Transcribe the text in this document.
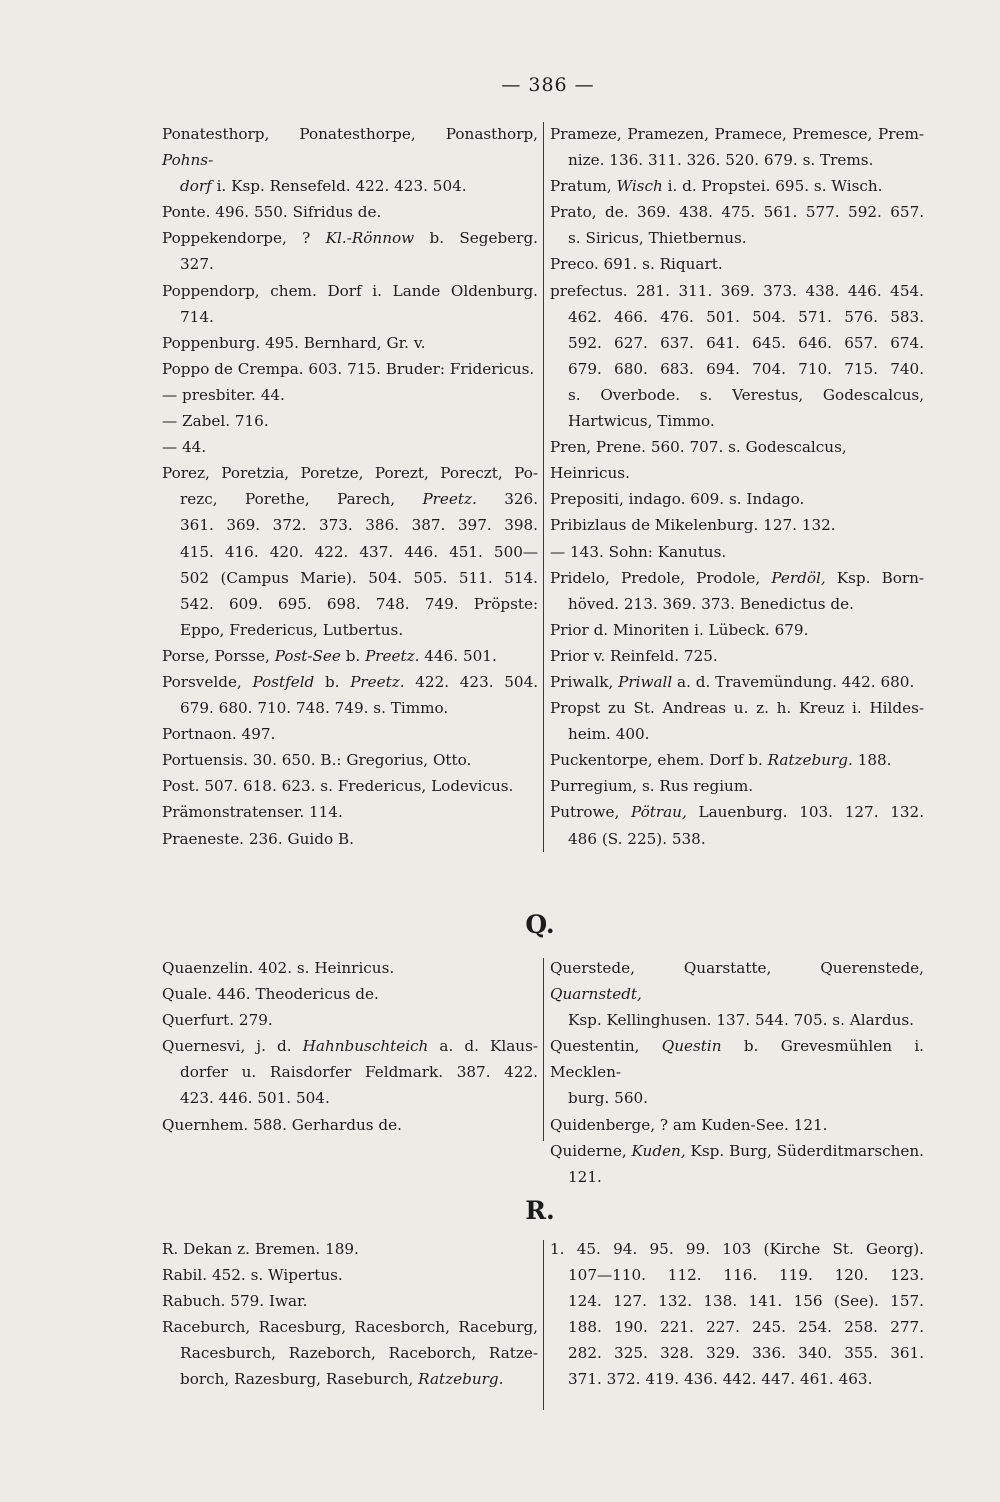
— 386 —
Ponatesthorp, Ponatesthorpe, Ponasthorp, Pohns-
dorf i. Ksp. Rensefeld. 422. 423. 504.
Ponte. 496. 550. Sifridus de.
Poppekendorpe, ? Kl.-Rönnow b. Segeberg.
327.
Poppendorp, chem. Dorf i. Lande Oldenburg.
714.
Poppenburg. 495. Bernhard, Gr. v.
Poppo de Crempa. 603. 715. Bruder: Fridericus.
— presbiter. 44.
— Zabel. 716.
— 44.
Porez, Poretzia, Poretze, Porezt, Poreczt, Po-
rezc, Porethe, Parech, Preetz. 326.
361. 369. 372. 373. 386. 387. 397. 398.
415. 416. 420. 422. 437. 446. 451. 500—
502 (Campus Marie). 504. 505. 511. 514.
542. 609. 695. 698. 748. 749. Pröpste:
Eppo, Fredericus, Lutbertus.
Porse, Porsse, Post-See b. Preetz. 446. 501.
Porsvelde, Postfeld b. Preetz. 422. 423. 504.
679. 680. 710. 748. 749. s. Timmo.
Portnaon. 497.
Portuensis. 30. 650. B.: Gregorius, Otto.
Post. 507. 618. 623. s. Fredericus, Lodevicus.
Prämonstratenser. 114.
Praeneste. 236. Guido B.
Prameze, Pramezen, Pramece, Premesce, Prem-
nize. 136. 311. 326. 520. 679. s. Trems.
Pratum, Wisch i. d. Propstei. 695. s. Wisch.
Prato, de. 369. 438. 475. 561. 577. 592. 657.
s. Siricus, Thietbernus.
Preco. 691. s. Riquart.
prefectus. 281. 311. 369. 373. 438. 446. 454.
462. 466. 476. 501. 504. 571. 576. 583.
592. 627. 637. 641. 645. 646. 657. 674.
679. 680. 683. 694. 704. 710. 715. 740.
s. Overbode. s. Verestus, Godescalcus,
Hartwicus, Timmo.
Pren, Prene. 560. 707. s. Godescalcus, Heinricus.
Prepositi, indago. 609. s. Indago.
Pribizlaus de Mikelenburg. 127. 132.
— 143. Sohn: Kanutus.
Pridelo, Predole, Prodole, Perdöl, Ksp. Born-
höved. 213. 369. 373. Benedictus de.
Prior d. Minoriten i. Lübeck. 679.
Prior v. Reinfeld. 725.
Priwalk, Priwall a. d. Travemündung. 442. 680.
Propst zu St. Andreas u. z. h. Kreuz i. Hildes-
heim. 400.
Puckentorpe, ehem. Dorf b. Ratzeburg. 188.
Purregium, s. Rus regium.
Putrowe, Pötrau, Lauenburg. 103. 127. 132.
486 (S. 225). 538.
Q.
Quaenzelin. 402. s. Heinricus.
Quale. 446. Theodericus de.
Querfurt. 279.
Quernesvi, j. d. Hahnbuschteich a. d. Klaus-
dorfer u. Raisdorfer Feldmark. 387. 422.
423. 446. 501. 504.
Quernhem. 588. Gerhardus de.
Querstede,	Quarstatte,	Querenstede, Quarnstedt,
Ksp. Kellinghusen. 137. 544. 705. s. Alardus.
Questentin, Questin b. Grevesmühlen i. Mecklen-
burg. 560.
Quidenberge, ? am Kuden-See. 121.
Quiderne, Kuden, Ksp. Burg, Süderditmarschen.
121.
R.
R. Dekan z. Bremen. 189.
Rabil. 452. s. Wipertus.
Rabuch. 579. Iwar.
Raceburch, Racesburg, Racesborch, Raceburg,
Racesburch, Razeborch, Raceborch, Ratze-
borch, Razesburg, Raseburch, Ratzeburg.
1. 45. 94. 95. 99. 103 (Kirche St. Georg).
107—110. 112. 116. 119. 120. 123.
124. 127. 132. 138. 141. 156 (See). 157.
188. 190. 221. 227. 245. 254. 258. 277.
282. 325. 328. 329. 336. 340. 355. 361.
371. 372. 419. 436. 442. 447. 461. 463.
